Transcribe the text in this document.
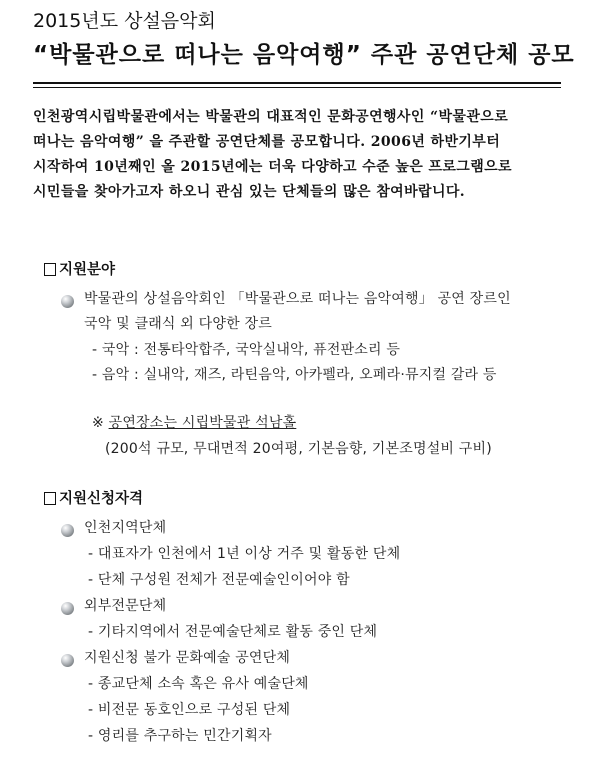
2015년도 상설음악회
“박물관으로 떠나는 음악여행” 주관 공연단체 공모
인천광역시립박물관에서는 박물관의 대표적인 문화공연행사인 “박물관으로
떠나는 음악여행” 을 주관할 공연단체를 공모합니다. 2006년 하반기부터
시작하여 10년째인 올 2015년에는 더욱 다양하고 수준 높은 프로그램으로
시민들을 찾아가고자 하오니 관심 있는 단체들의 많은 참여바랍니다.
지원분야
박물관의 상설음악회인 「박물관으로 떠나는 음악여행」 공연 장르인
국악 및 클래식 외 다양한 장르
- 국악 : 전통타악합주, 국악실내악, 퓨전판소리 등
- 음악 : 실내악, 재즈, 라틴음악, 아카펠라, 오페라·뮤지컬 갈라 등
※ 공연장소는 시립박물관 석남홀
(200석 규모, 무대면적 20여평, 기본음향, 기본조명설비 구비)
지원신청자격
인천지역단체
- 대표자가 인천에서 1년 이상 거주 및 활동한 단체
- 단체 구성원 전체가 전문예술인이어야 함
외부전문단체
- 기타지역에서 전문예술단체로 활동 중인 단체
지원신청 불가 문화예술 공연단체
- 종교단체 소속 혹은 유사 예술단체
- 비전문 동호인으로 구성된 단체
- 영리를 추구하는 민간기획자
